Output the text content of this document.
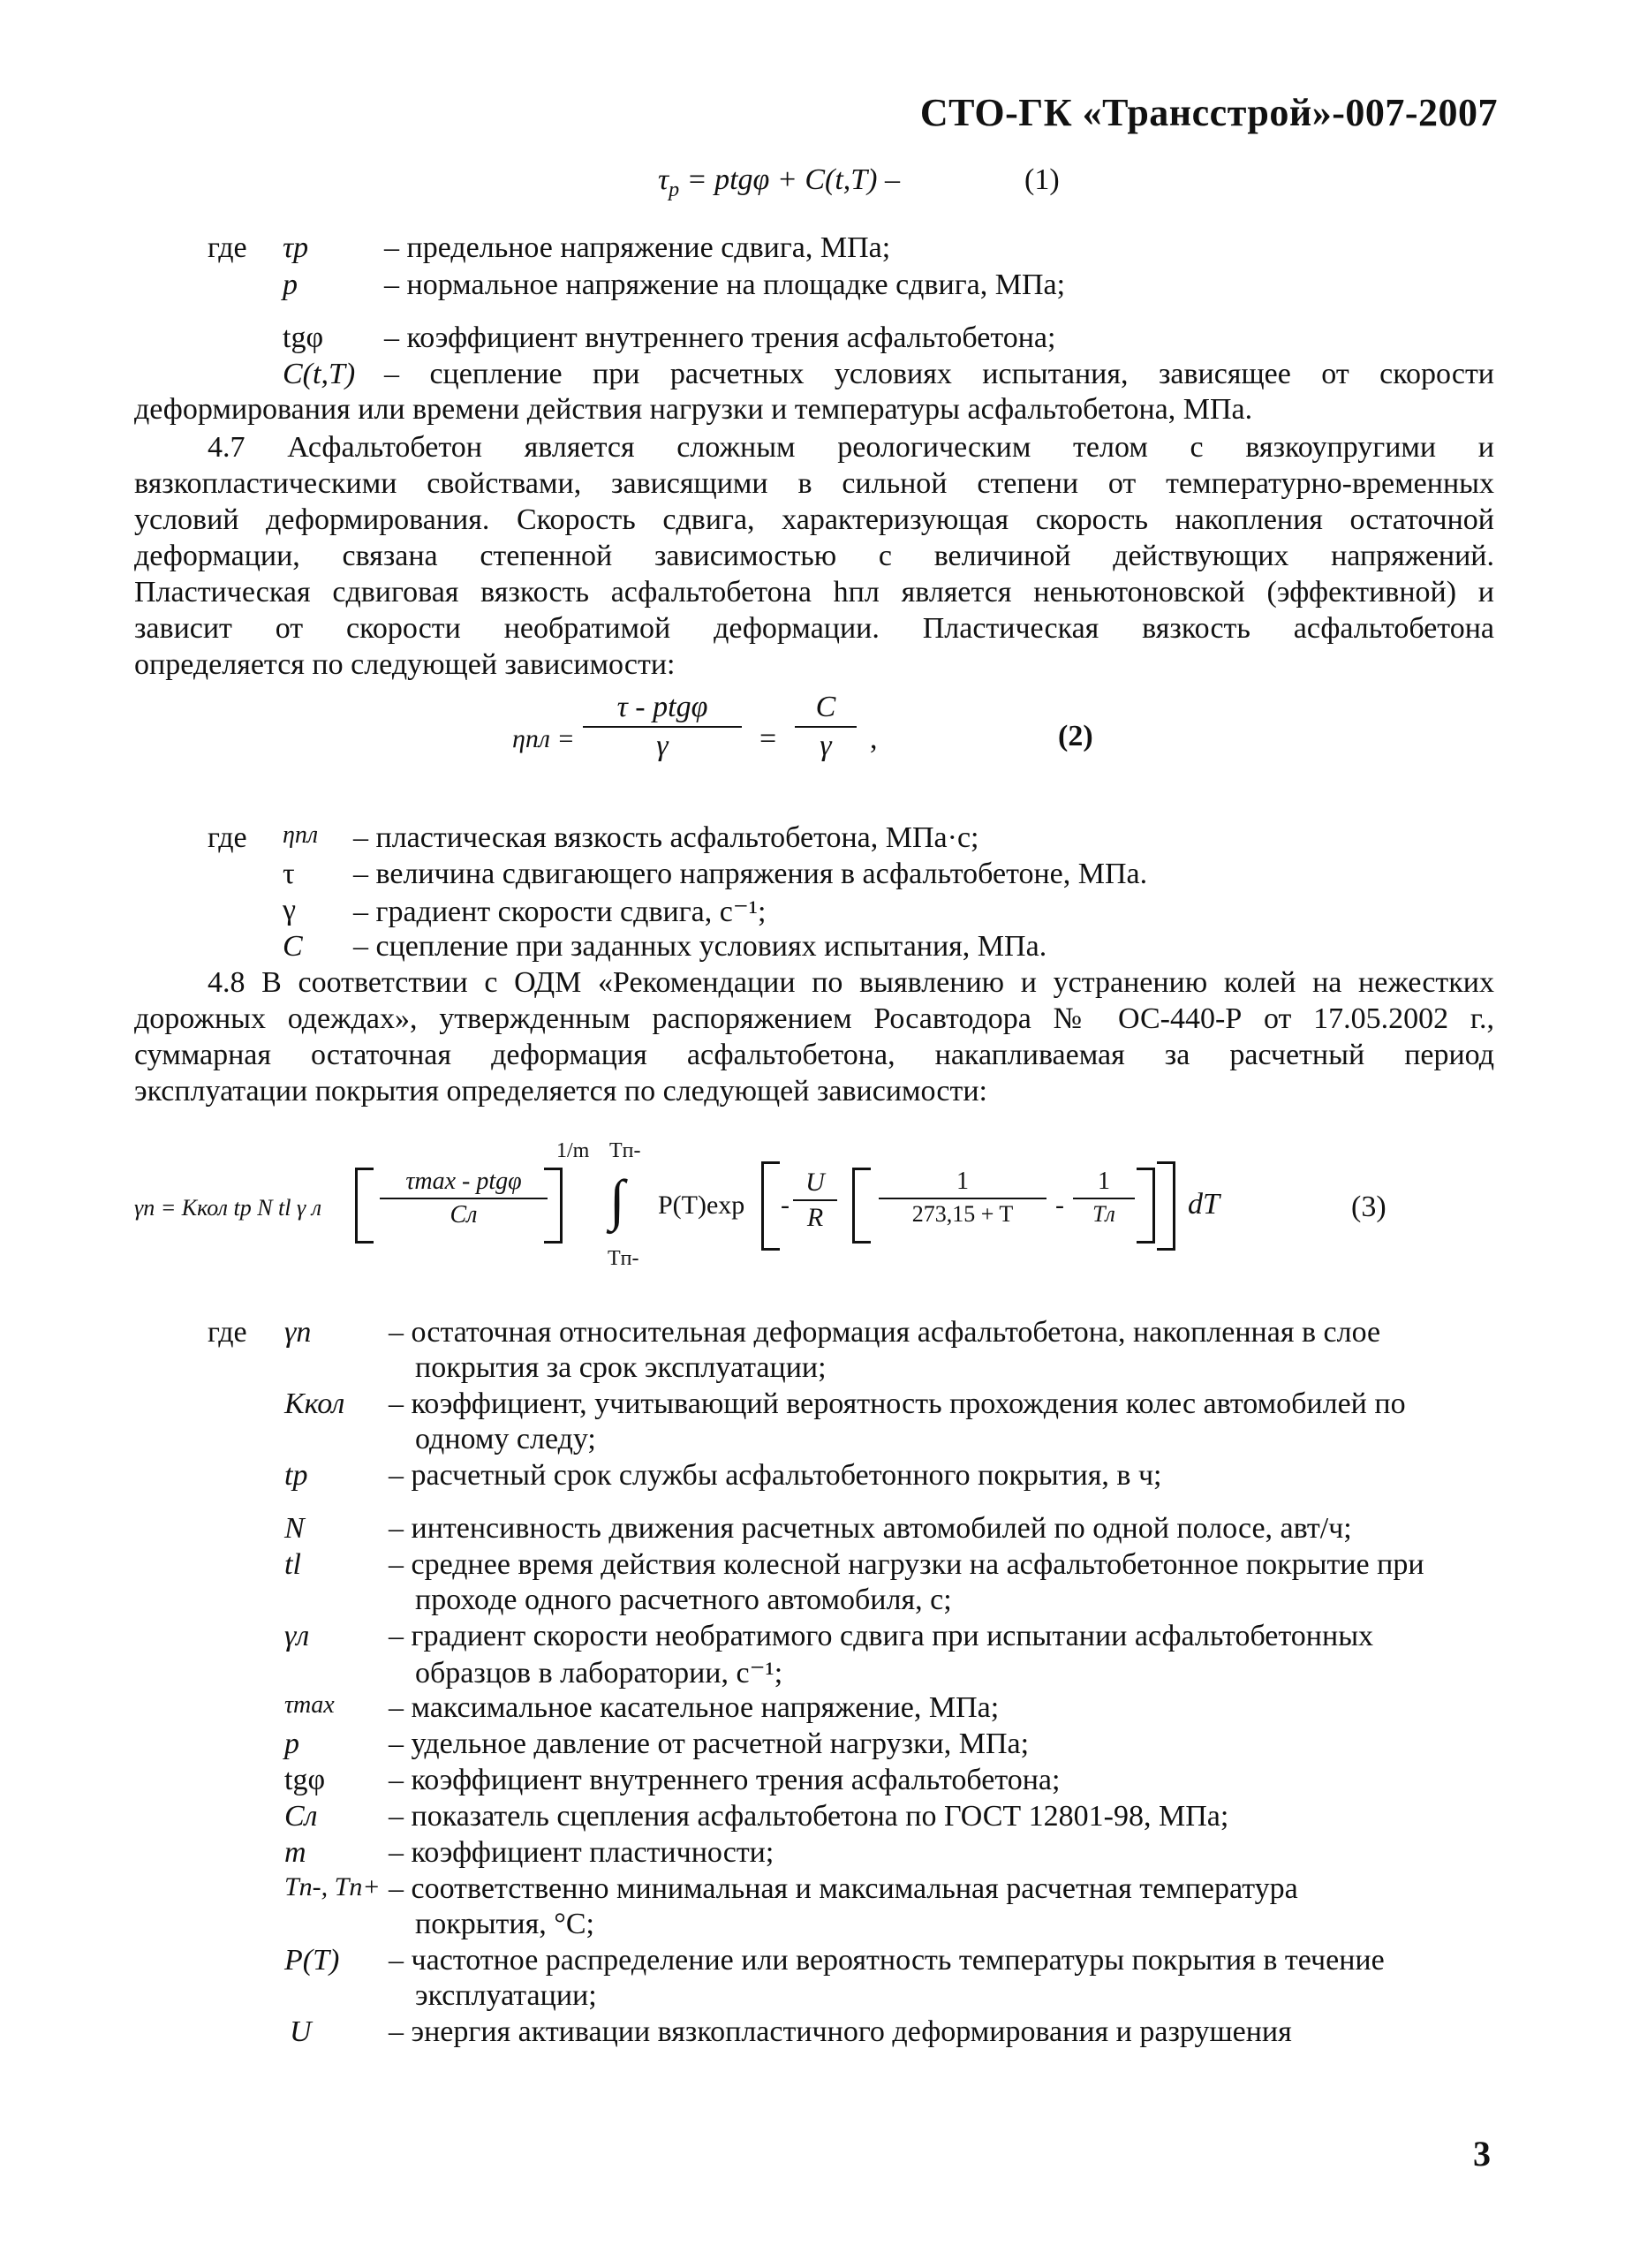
СТО-ГК «Трансстрой»-007-2007
$\tau_p = ptg\varphi + C(t,T)$ –	(1)
где τp	– предельное напряжение сдвига, МПа;
p	– нормальное напряжение на площадке сдвига, МПа;
tgφ – коэффициент внутреннего трения асфальтобетона;
C(t,T) – сцепление при расчетных условиях испытания, зависящее от скорости
деформирования или времени действия нагрузки и температуры асфальтобетона, МПа.
4.7 Асфальтобетон является сложным реологическим телом с вязкоупругими и
вязкопластическими свойствами, зависящими в сильной степени от температурно-временных
условий деформирования. Скорость сдвига, характеризующая скорость накопления остаточной
деформации, связана степенной зависимостью с величиной действующих напряжений.
Пластическая сдвиговая вязкость асфальтобетона hпл является неньютоновской (эффективной) и
зависит от скорости необратимой деформации. Пластическая вязкость асфальтобетона
определяется по следующей зависимости:
ηпл =
τ - ptgφ
γ	=
C
γ	,	(2)
где ηпл – пластическая вязкость асфальтобетона, МПа·с;
τ – величина сдвигающего напряжения в асфальтобетоне, МПа.
γ – градиент скорости сдвига, с⁻¹;
C – сцепление при заданных условиях испытания, МПа.
4.8 В соответствии с ОДМ «Рекомендации по выявлению и устранению колей на нежестких
дорожных одеждах», утвержденным распоряжением Росавтодора № ОС-440-Р от 17.05.2002 г.,
суммарная остаточная деформация асфальтобетона, накапливаемая за расчетный период
эксплуатации покрытия определяется по следующей зависимости:
γп = Kкол tр N tl γ л
τmax - ptgφ
Cл
1/m Tп-
∫
Tп-
P(T)exp -
U
R
1
273,15 + T	-
1
Tл	dT	(3)
где γп	– остаточная относительная деформация асфальтобетона, накопленная в слое
покрытия за срок эксплуатации;
Kкол – коэффициент, учитывающий вероятность прохождения колес автомобилей по
одному следу;
tр	– расчетный срок службы асфальтобетонного покрытия, в ч;
N	– интенсивность движения расчетных автомобилей по одной полосе, авт/ч;
tl	– среднее время действия колесной нагрузки на асфальтобетонное покрытие при
проходе одного расчетного автомобиля, с;
γл	– градиент скорости необратимого сдвига при испытании асфальтобетонных
образцов в лаборатории, с⁻¹;
τmax – максимальное касательное напряжение, МПа;
p	– удельное давление от расчетной нагрузки, МПа;
tgφ – коэффициент внутреннего трения асфальтобетона;
Cл – показатель сцепления асфальтобетона по ГОСТ 12801-98, МПа;
m	– коэффициент пластичности;
Tп-, Tп+ – соответственно минимальная и максимальная расчетная температура
покрытия, °C;
P(T) – частотное распределение или вероятность температуры покрытия в течение
эксплуатации;
U	– энергия активации вязкопластичного деформирования и разрушения
3
